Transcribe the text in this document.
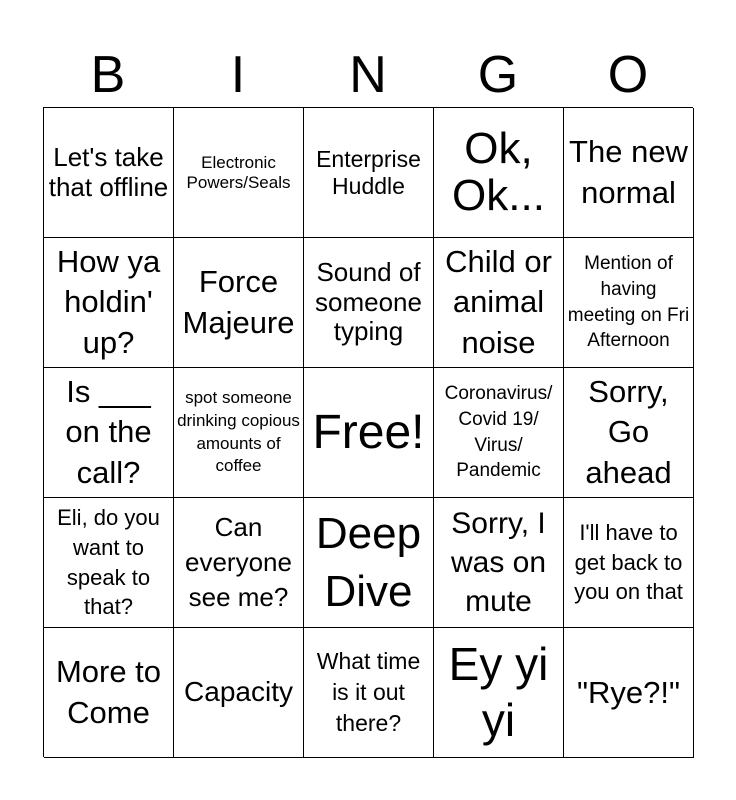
B	I	N	G	O
Let's take that offline
Electronic Powers/Seals
Enterprise Huddle
Ok, Ok...
The new normal
How ya holdin' up?
Force Majeure
Sound of someone typing
Child or animal noise
Mention of having meeting on Fri Afternoon
Is ___ on the call?
spot someone drinking copious amounts of coffee
Free!
Coronavirus/ Covid 19/ Virus/ Pandemic
Sorry, Go ahead
Eli, do you want to speak to that?
Can everyone see me?
Deep Dive
Sorry, I was on mute
I'll have to get back to you on that
More to Come
Capacity
What time is it out there?
Ey yi yi
"Rye?!"
